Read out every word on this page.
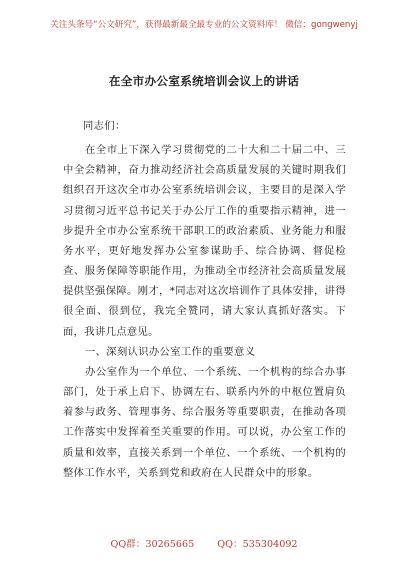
关注头条号“公文研究”，获得最新最全最专业的公文资料库！ 微信：gongwenyj
在全市办公室系统培训会议上的讲话

同志们：

在全市上下深入学习贯彻党的二十大和二十届二中、三中全会精神，奋力推动经济社会高质量发展的关键时期我们组织召开这次全市办公室系统培训会议，主要目的是深入学习贯彻习近平总书记关于办公厅工作的重要指示精神，进一步提升全市办公室系统干部职工的政治素质、业务能力和服务水平，更好地发挥办公室参谋助手、综合协调、督促检查、服务保障等职能作用，为推动全市经济社会高质量发展提供坚强保障。刚才，*同志对这次培训作了具体安排，讲得很全面、很到位，我完全赞同，请大家认真抓好落实。下面，我讲几点意见。

一、深刻认识办公室工作的重要意义

办公室作为一个单位、一个系统、一个机构的综合办事部门，处于承上启下、协调左右、联系内外的中枢位置肩负着参与政务、管理事务、综合服务等重要职责，在推动各项工作落实中发挥着至关重要的作用。可以说，办公室工作的质量和效率，直接关系到一个单位、一个系统、一个机构的整体工作水平，关系到党和政府在人民群众中的形象。

QQ群：30265665 QQ：535304092
